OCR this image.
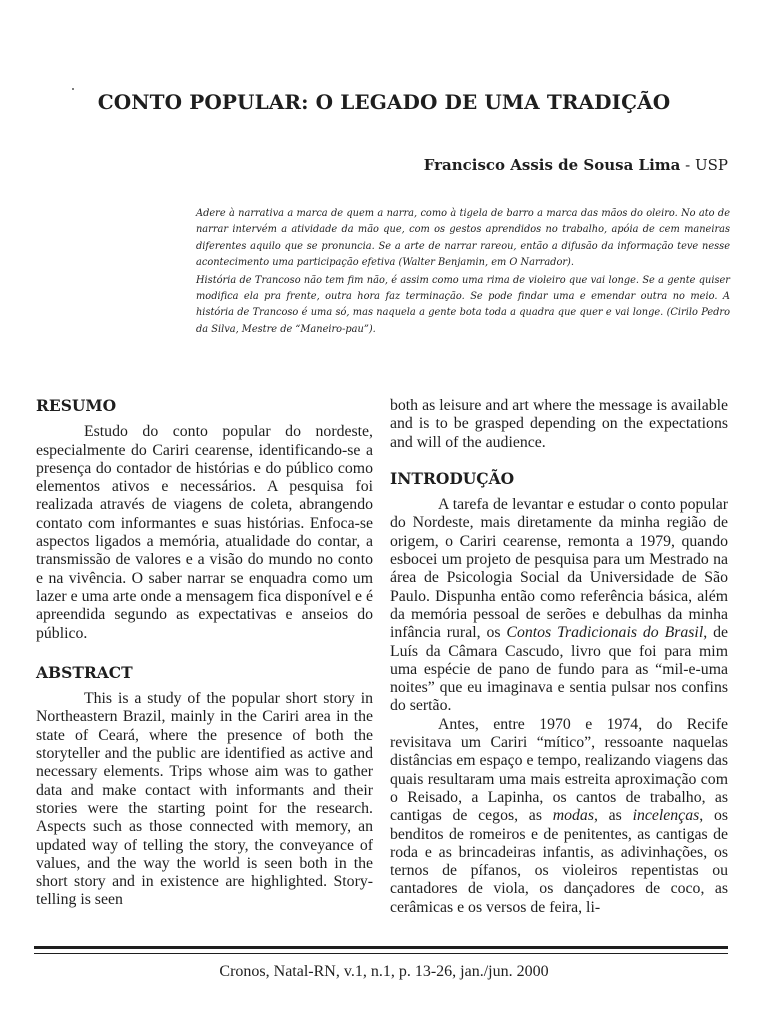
CONTO POPULAR: O LEGADO DE UMA TRADIÇÃO

Francisco Assis de Sousa Lima - USP

Adere à narrativa a marca de quem a narra, como à tigela de barro a marca das mãos do oleiro. No ato de narrar intervém a atividade da mão que, com os gestos aprendidos no trabalho, apóia de cem maneiras diferentes aquilo que se pronuncia. Se a arte de narrar rareou, então a difusão da informação teve nesse acontecimento uma participação efetiva (Walter Benjamin, em O Narrador).

História de Trancoso não tem fim não, é assim como uma rima de violeiro que vai longe. Se a gente quiser modifica ela pra frente, outra hora faz terminação. Se pode findar uma e emendar outra no meio. A história de Trancoso é uma só, mas naquela a gente bota toda a quadra que quer e vai longe. (Cirilo Pedro da Silva, Mestre de “Maneiro-pau”).

RESUMO

Estudo do conto popular do nordeste, especialmente do Cariri cearense, identificando-se a presença do contador de histórias e do público como elementos ativos e necessários. A pesquisa foi realizada através de viagens de coleta, abrangendo contato com informantes e suas histórias. Enfoca-se aspectos ligados a memória, atualidade do contar, a transmissão de valores e a visão do mundo no conto e na vivência. O saber narrar se enquadra como um lazer e uma arte onde a mensagem fica disponível e é apreendida segundo as expectativas e anseios do público.

ABSTRACT

This is a study of the popular short story in Northeastern Brazil, mainly in the Cariri area in the state of Ceará, where the presence of both the storyteller and the public are identified as active and necessary elements. Trips whose aim was to gather data and make contact with informants and their stories were the starting point for the research. Aspects such as those connected with memory, an updated way of telling the story, the conveyance of values, and the way the world is seen both in the short story and in existence are highlighted. Story-telling is seen

both as leisure and art where the message is available and is to be grasped depending on the expectations and will of the audience.

INTRODUÇÃO

A tarefa de levantar e estudar o conto popular do Nordeste, mais diretamente da minha região de origem, o Cariri cearense, remonta a 1979, quando esbocei um projeto de pesquisa para um Mestrado na área de Psicologia Social da Universidade de São Paulo. Dispunha então como referência básica, além da memória pessoal de serões e debulhas da minha infância rural, os Contos Tradicionais do Brasil, de Luís da Câmara Cascudo, livro que foi para mim uma espécie de pano de fundo para as “mil-e-uma noites” que eu imaginava e sentia pulsar nos confins do sertão.

Antes, entre 1970 e 1974, do Recife revisitava um Cariri “mítico”, ressoante naquelas distâncias em espaço e tempo, realizando viagens das quais resultaram uma mais estreita aproximação com o Reisado, a Lapinha, os cantos de trabalho, as cantigas de cegos, as modas, as incelenças, os benditos de romeiros e de penitentes, as cantigas de roda e as brincadeiras infantis, as adivinhações, os ternos de pífanos, os violeiros repentistas ou cantadores de viola, os dançadores de coco, as cerâmicas e os versos de feira, li-

Cronos, Natal-RN, v.1, n.1, p. 13-26, jan./jun. 2000
